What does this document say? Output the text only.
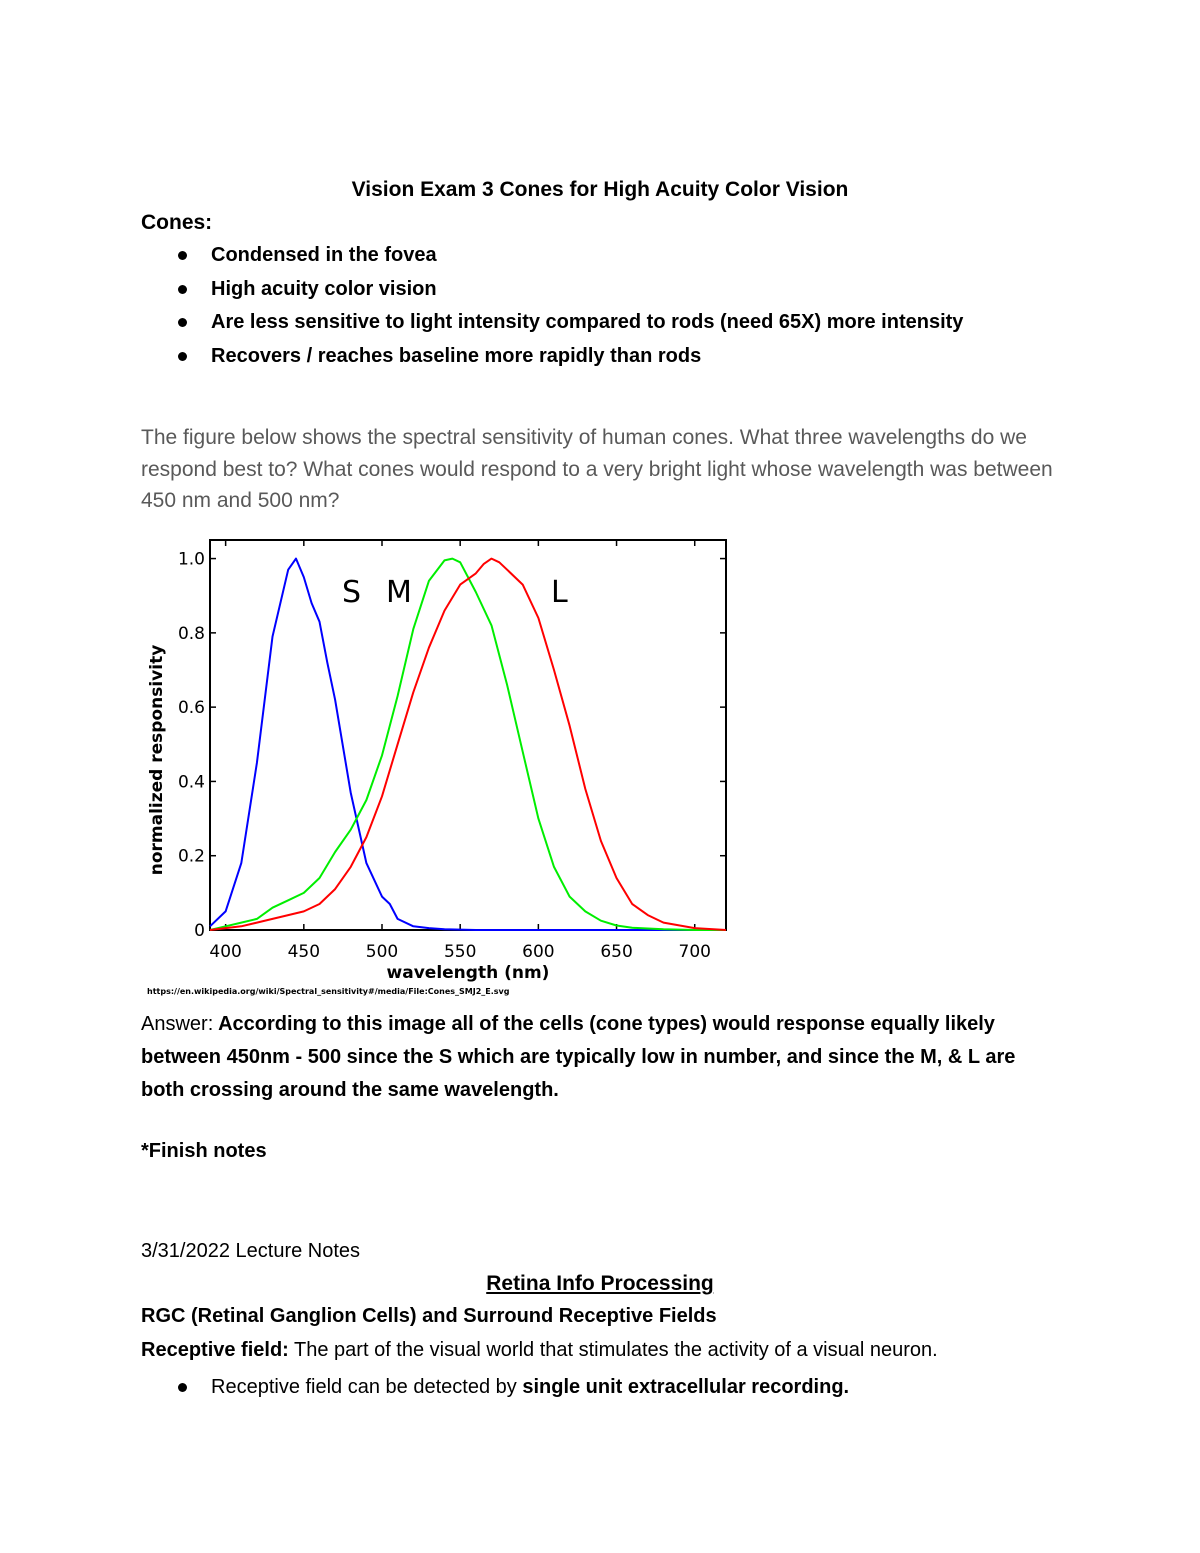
Vision Exam 3 Cones for High Acuity Color Vision
Cones:
Condensed in the fovea
High acuity color vision
Are less sensitive to light intensity compared to rods (need 65X) more intensity
Recovers / reaches baseline more rapidly than rods
The figure below shows the spectral sensitivity of human cones. What three wavelengths do we respond best to? What cones would respond to a very bright light whose wavelength was between 450 nm and 500 nm?
0
0.2
0.4
0.6
0.8
1.0
400	450	500	550	600	650	700
S M	L
wavelength (nm)
normalized responsivity
https://en.wikipedia.org/wiki/Spectral_sensitivity#/media/File:Cones_SMJ2_E.svg
Answer: According to this image all of the cells (cone types) would response equally likely between 450nm - 500 since the S which are typically low in number, and since the M, & L are both crossing around the same wavelength.
*Finish notes
3/31/2022 Lecture Notes
Retina Info Processing
RGC (Retinal Ganglion Cells) and Surround Receptive Fields
Receptive field: The part of the visual world that stimulates the activity of a visual neuron.
Receptive field can be detected by single unit extracellular recording.
